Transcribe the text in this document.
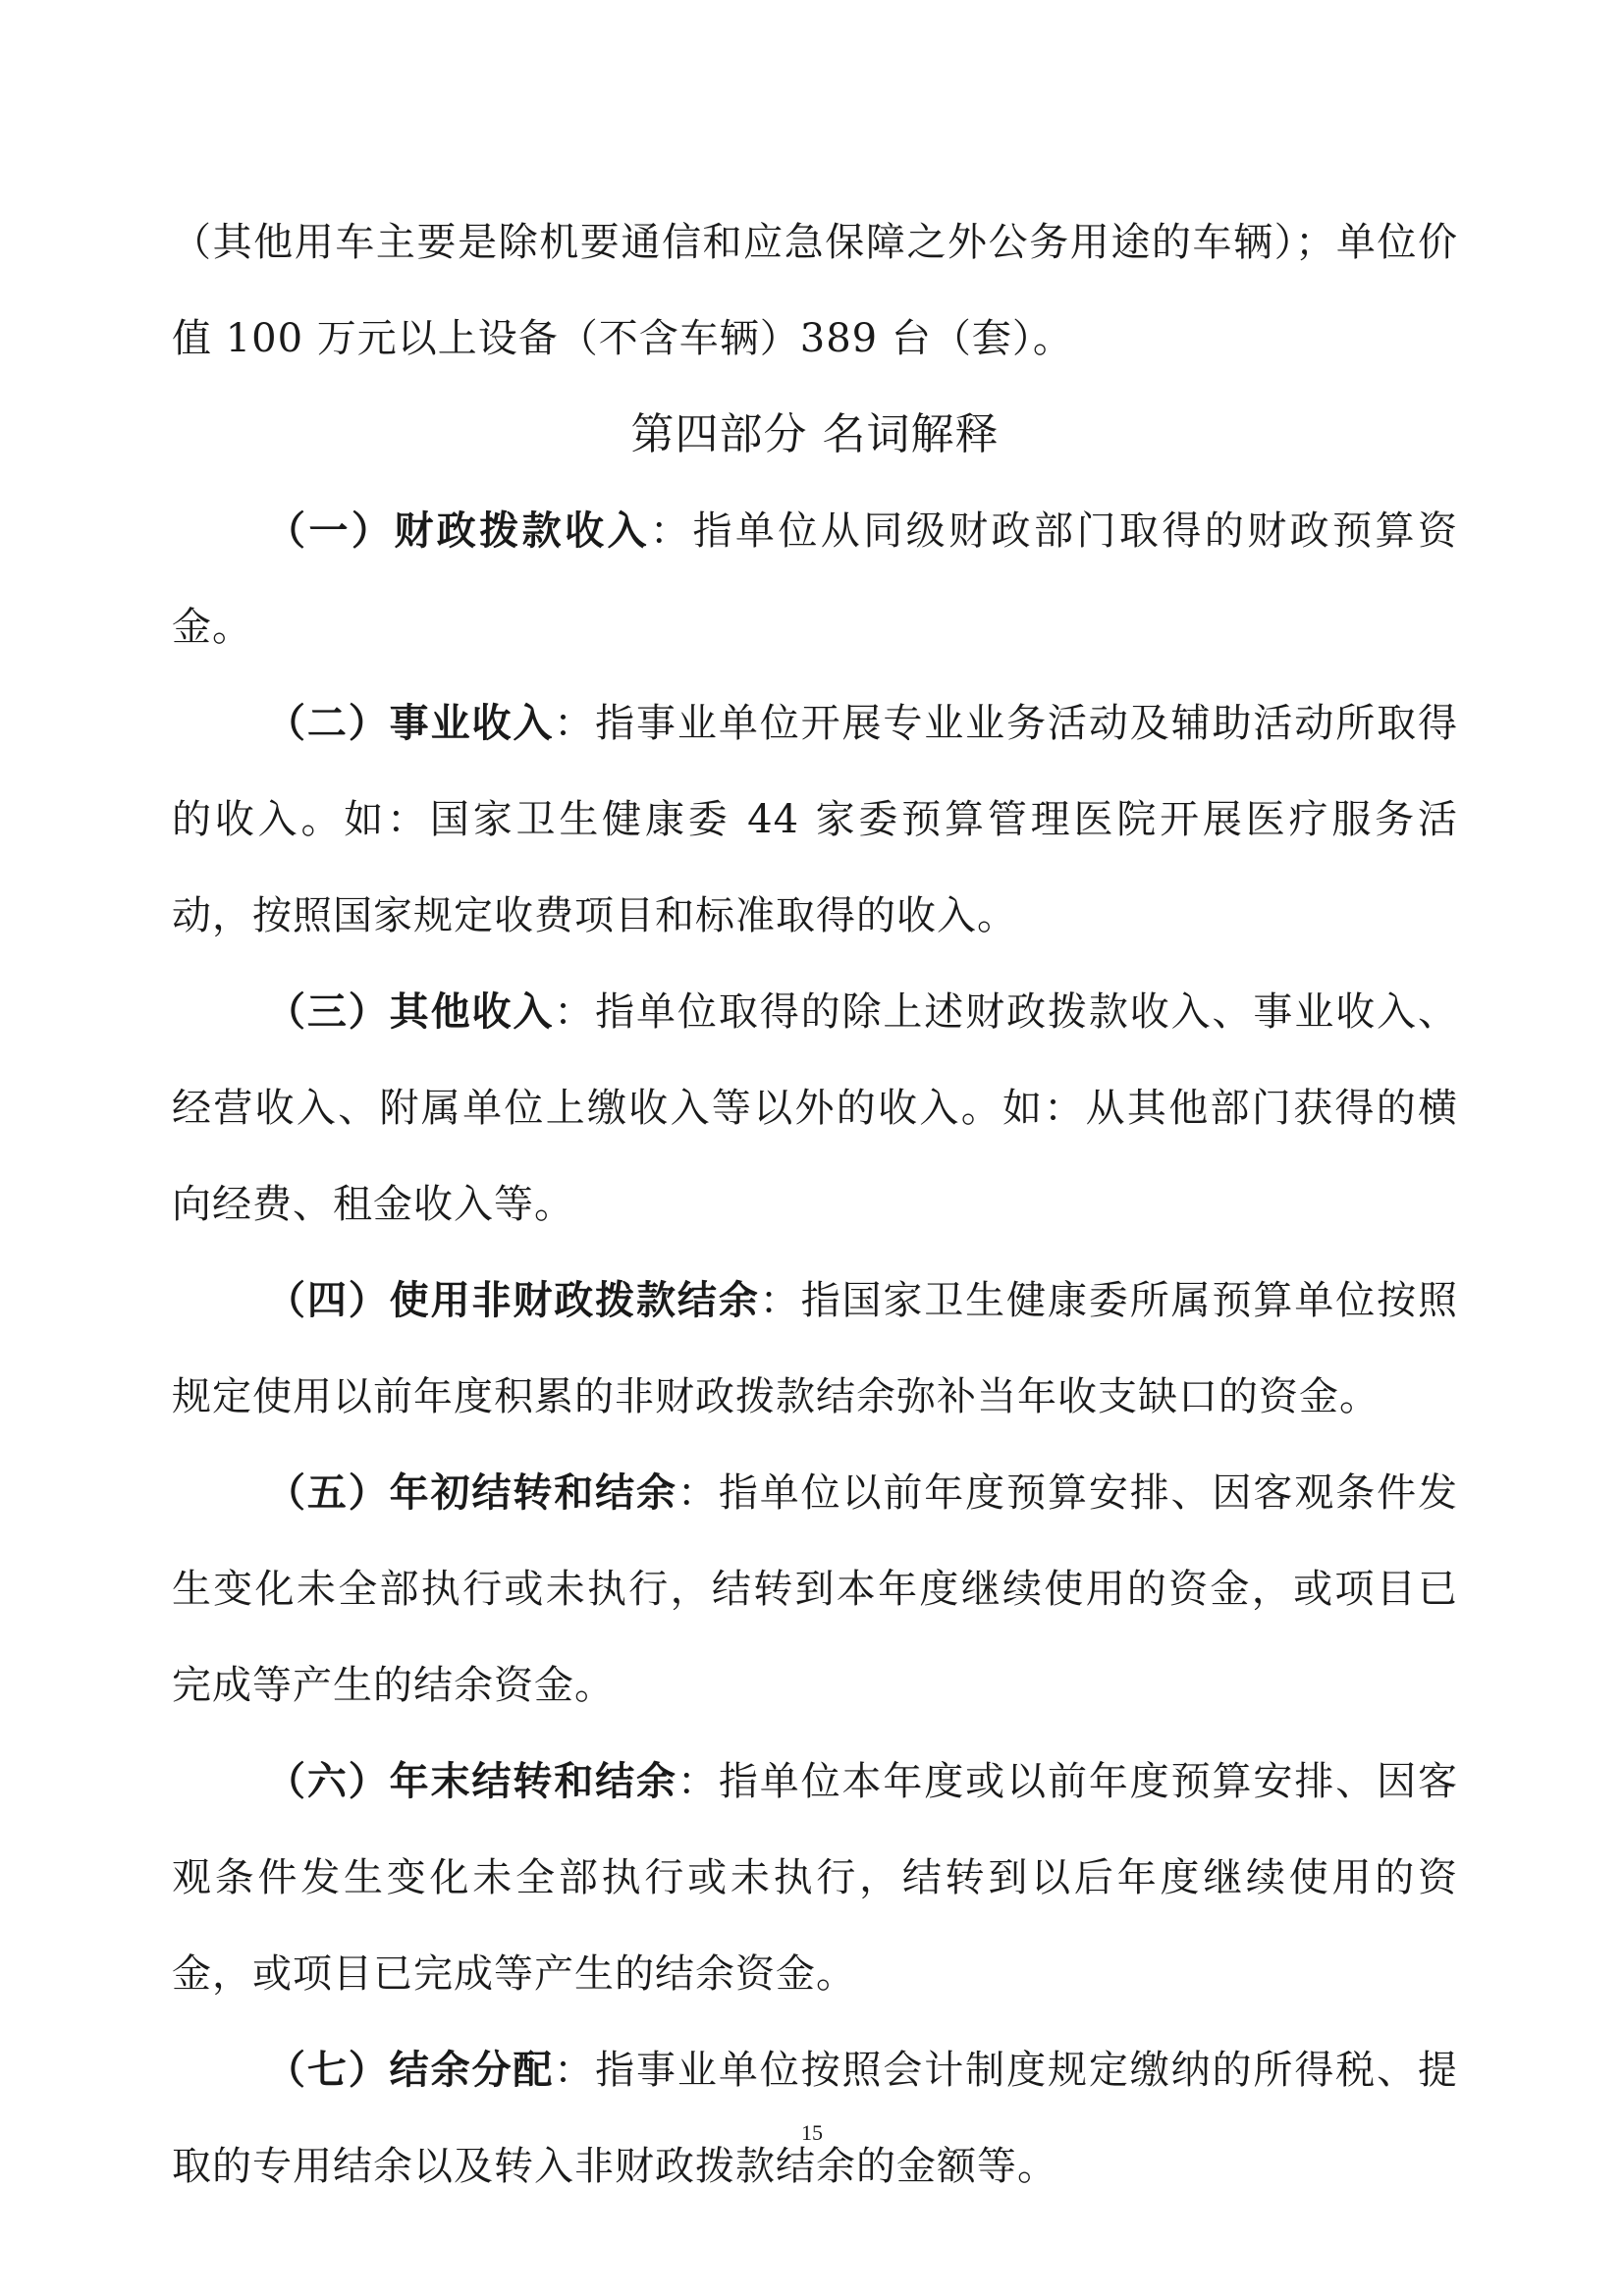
（其他用车主要是除机要通信和应急保障之外公务用途的车辆）；单位价值 100 万元以上设备（不含车辆）389 台（套）。

第四部分 名词解释

（一）财政拨款收入：指单位从同级财政部门取得的财政预算资金。

（二）事业收入：指事业单位开展专业业务活动及辅助活动所取得的收入。如：国家卫生健康委 44 家委预算管理医院开展医疗服务活动，按照国家规定收费项目和标准取得的收入。

（三）其他收入：指单位取得的除上述财政拨款收入、事业收入、经营收入、附属单位上缴收入等以外的收入。如：从其他部门获得的横向经费、租金收入等。

（四）使用非财政拨款结余：指国家卫生健康委所属预算单位按照规定使用以前年度积累的非财政拨款结余弥补当年收支缺口的资金。

（五）年初结转和结余：指单位以前年度预算安排、因客观条件发生变化未全部执行或未执行，结转到本年度继续使用的资金，或项目已完成等产生的结余资金。

（六）年末结转和结余：指单位本年度或以前年度预算安排、因客观条件发生变化未全部执行或未执行，结转到以后年度继续使用的资金，或项目已完成等产生的结余资金。

（七）结余分配：指事业单位按照会计制度规定缴纳的所得税、提取的专用结余以及转入非财政拨款结余的金额等。

15
